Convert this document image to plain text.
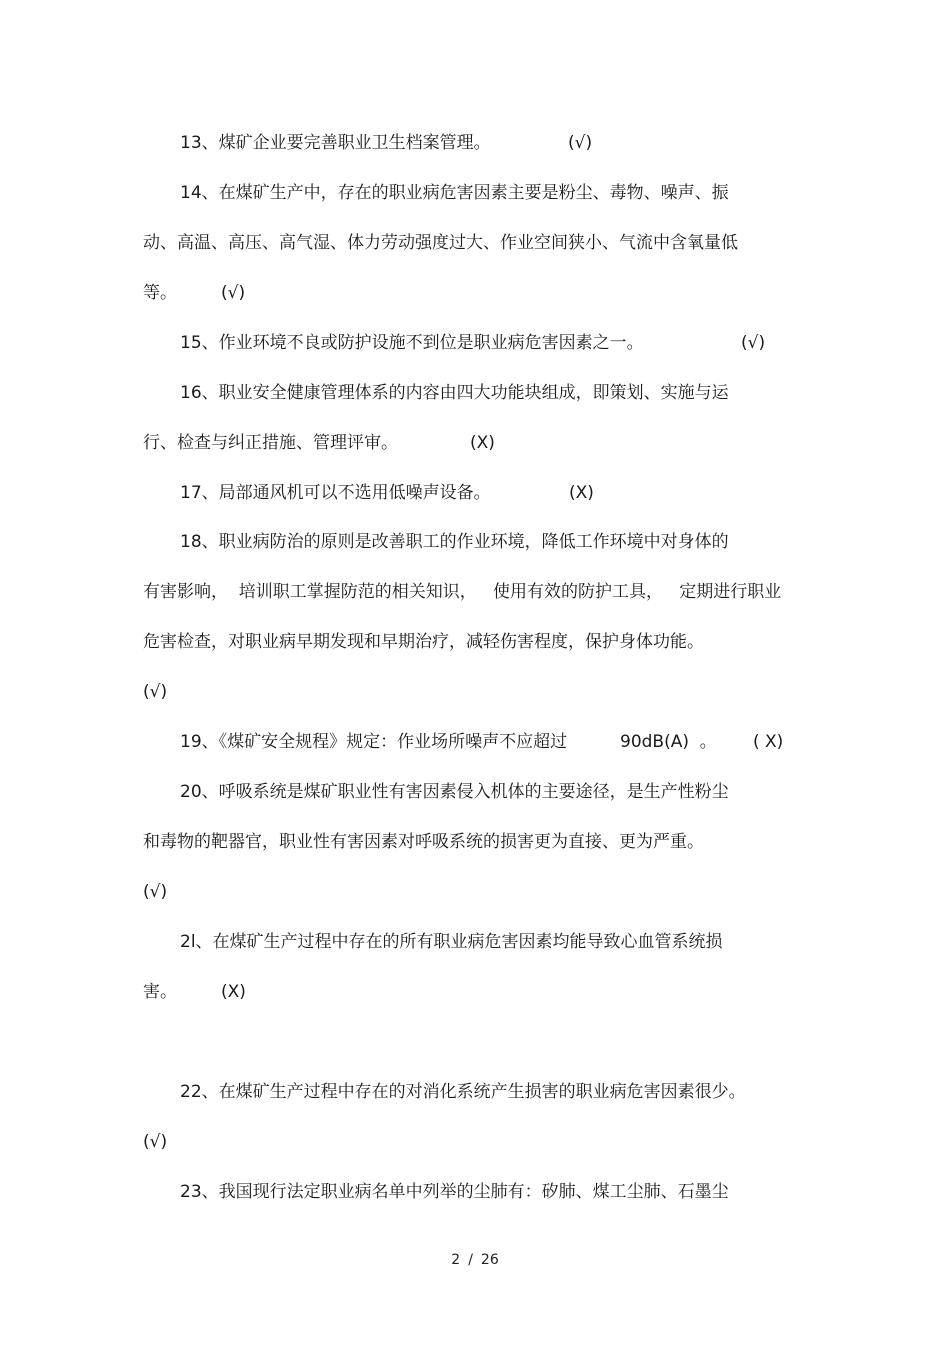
13、煤矿企业要完善职业卫生档案管理。	(√)
14、在煤矿生产中，存在的职业病危害因素主要是粉尘、毒物、噪声、振
动、高温、高压、高气湿、体力劳动强度过大、作业空间狭小、气流中含氧量低
等。	(√)
15、作业环境不良或防护设施不到位是职业病危害因素之一。	(√)
16、职业安全健康管理体系的内容由四大功能块组成，即策划、实施与运
行、检查与纠正措施、管理评审。	(X)
17、局部通风机可以不选用低噪声设备。	(X)
18、职业病防治的原则是改善职工的作业环境，降低工作环境中对身体的
有害影响，  培训职工掌握防范的相关知识，   使用有效的防护工具，   定期进行职业
危害检查，对职业病早期发现和早期治疗，减轻伤害程度，保护身体功能。
(√)
19、《煤矿安全规程》规定：作业场所噪声不应超过	90dB(A)  。 ( X)
20、呼吸系统是煤矿职业性有害因素侵入机体的主要途径，是生产性粉尘
和毒物的靶器官，职业性有害因素对呼吸系统的损害更为直接、更为严重。
(√)
2l、在煤矿生产过程中存在的所有职业病危害因素均能导致心血管系统损
害。	(X)
22、在煤矿生产过程中存在的对消化系统产生损害的职业病危害因素很少。
(√)
23、我国现行法定职业病名单中列举的尘肺有：矽肺、煤工尘肺、石墨尘
2 / 26
